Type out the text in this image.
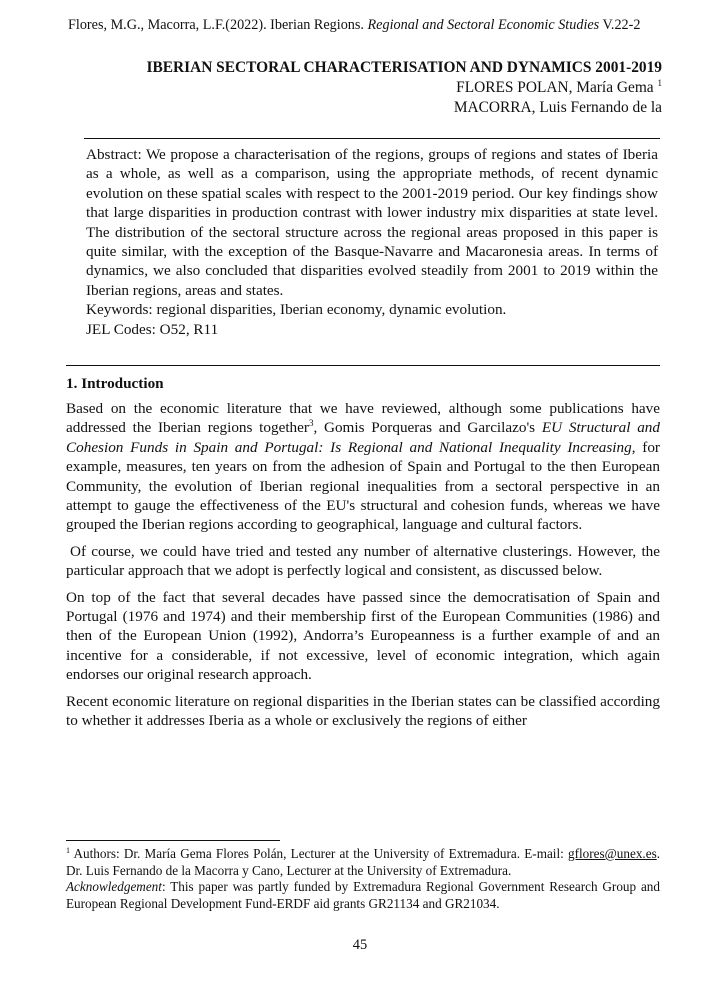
Flores, M.G., Macorra, L.F.(2022). Iberian Regions. Regional and Sectoral Economic Studies V.22-2
IBERIAN SECTORAL CHARACTERISATION AND DYNAMICS 2001-2019
FLORES POLAN, María Gema $^1$
MACORRA, Luis Fernando de la

Abstract: We propose a characterisation of the regions, groups of regions and states of Iberia as a whole, as well as a comparison, using the appropriate methods, of recent dynamic evolution on these spatial scales with respect to the 2001-2019 period. Our key findings show that large disparities in production contrast with lower industry mix disparities at state level. The distribution of the sectoral structure across the regional areas proposed in this paper is quite similar, with the exception of the Basque-Navarre and Macaronesia areas. In terms of dynamics, we also concluded that disparities evolved steadily from 2001 to 2019 within the Iberian regions, areas and states.

Keywords: regional disparities, Iberian economy, dynamic evolution.
JEL Codes: O52, R11
1. Introduction

Based on the economic literature that we have reviewed, although some publications have addressed the Iberian regions together$^3$, Gomis Porqueras and Garcilazo's EU Structural and Cohesion Funds in Spain and Portugal: Is Regional and National Inequality Increasing, for example, measures, ten years on from the adhesion of Spain and Portugal to the then European Community, the evolution of Iberian regional inequalities from a sectoral perspective in an attempt to gauge the effectiveness of the EU's structural and cohesion funds, whereas we have grouped the Iberian regions according to geographical, language and cultural factors.

Of course, we could have tried and tested any number of alternative clusterings. However, the particular approach that we adopt is perfectly logical and consistent, as discussed below.

On top of the fact that several decades have passed since the democratisation of Spain and Portugal (1976 and 1974) and their membership first of the European Communities (1986) and then of the European Union (1992), Andorra’s Europeanness is a further example of and an incentive for a considerable, if not excessive, level of economic integration, which again endorses our original research approach.

Recent economic literature on regional disparities in the Iberian states can be classified according to whether it addresses Iberia as a whole or exclusively the regions of either

$^1$ Authors: Dr. María Gema Flores Polán, Lecturer at the University of Extremadura. E-mail: gflores@unex.es. Dr. Luis Fernando de la Macorra y Cano, Lecturer at the University of Extremadura.

Acknowledgement: This paper was partly funded by Extremadura Regional Government Research Group and European Regional Development Fund-ERDF aid grants GR21134 and GR21034.

45
